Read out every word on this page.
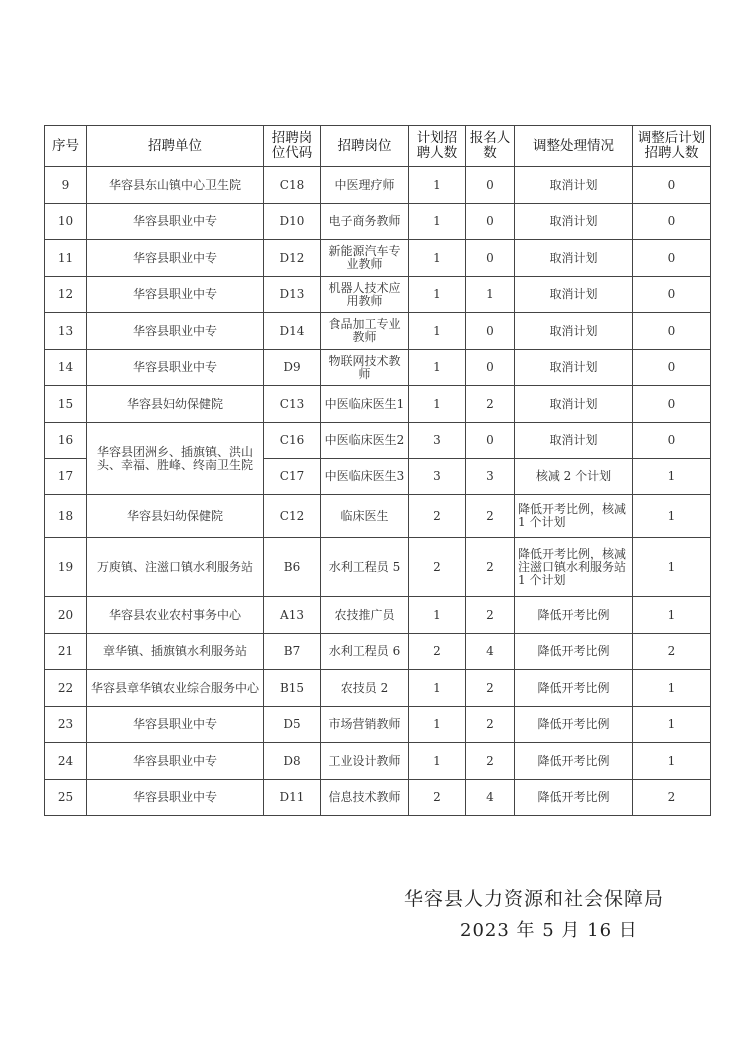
序号	招聘单位	招聘岗位代码	招聘岗位	计划招聘人数	报名人数	调整处理情况	调整后计划招聘人数
9	华容县东山镇中心卫生院	C18	中医理疗师	1	0	取消计划	0
10	华容县职业中专	D10	电子商务教师	1	0	取消计划	0
11	华容县职业中专	D12	新能源汽车专业教师	1	0	取消计划	0
12	华容县职业中专	D13	机器人技术应用教师	1	1	取消计划	0
13	华容县职业中专	D14	食品加工专业教师	1	0	取消计划	0
14	华容县职业中专	D9	物联网技术教师	1	0	取消计划	0
15	华容县妇幼保健院	C13	中医临床医生1	1	2	取消计划	0
16	华容县团洲乡、插旗镇、洪山头、幸福、胜峰、终南卫生院	C16	中医临床医生2	3	0	取消计划	0
17		C17	中医临床医生3	3	3	核减 2 个计划	1
18	华容县妇幼保健院	C12	临床医生	2	2	降低开考比例，核减 1 个计划	1
19	万庾镇、注滋口镇水利服务站	B6	水利工程员 5	2	2	降低开考比例，核减注滋口镇水利服务站 1 个计划	1
20	华容县农业农村事务中心	A13	农技推广员	1	2	降低开考比例	1
21	章华镇、插旗镇水利服务站	B7	水利工程员 6	2	4	降低开考比例	2
22	华容县章华镇农业综合服务中心	B15	农技员 2	1	2	降低开考比例	1
23	华容县职业中专	D5	市场营销教师	1	2	降低开考比例	1
24	华容县职业中专	D8	工业设计教师	1	2	降低开考比例	1
25	华容县职业中专	D11	信息技术教师	2	4	降低开考比例	2
华容县人力资源和社会保障局
2023 年 5 月 16 日
